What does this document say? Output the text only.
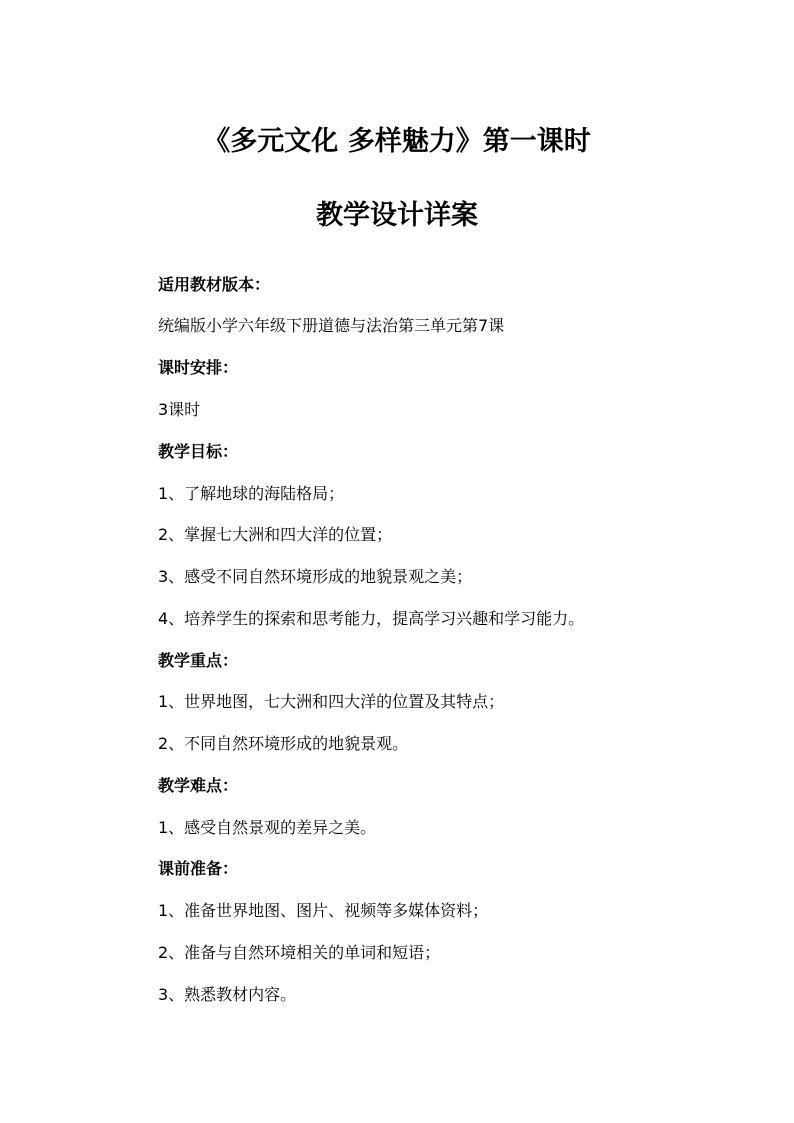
《多元文化 多样魅力》第一课时
教学设计详案
适用教材版本：
统编版小学六年级下册道德与法治第三单元第7课
课时安排：
3课时
教学目标：
1、了解地球的海陆格局；
2、掌握七大洲和四大洋的位置；
3、感受不同自然环境形成的地貌景观之美；
4、培养学生的探索和思考能力，提高学习兴趣和学习能力。
教学重点：
1、世界地图，七大洲和四大洋的位置及其特点；
2、不同自然环境形成的地貌景观。
教学难点：
1、感受自然景观的差异之美。
课前准备：
1、准备世界地图、图片、视频等多媒体资料；
2、准备与自然环境相关的单词和短语；
3、熟悉教材内容。
